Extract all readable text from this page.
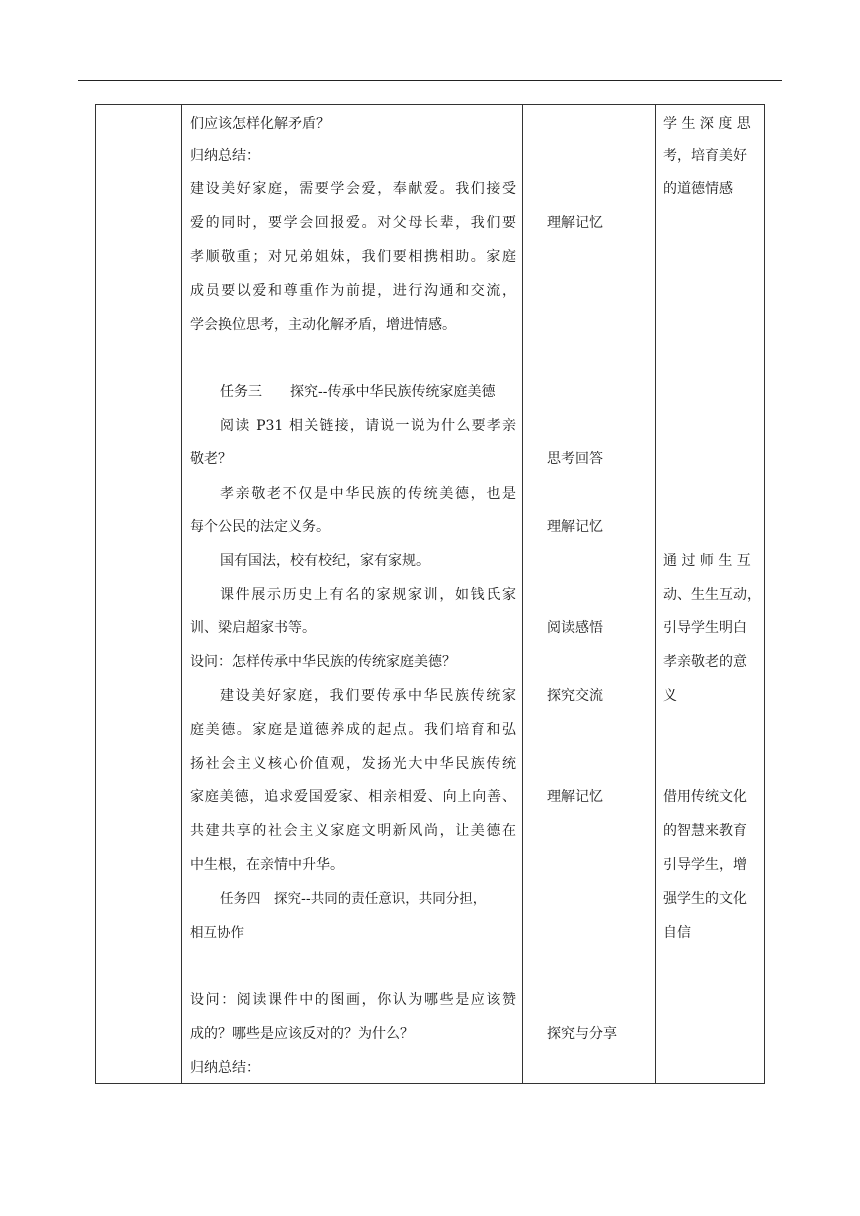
们应该怎样化解矛盾？
归纳总结：
建设美好家庭，需要学会爱，奉献爱。我们接受
爱的同时，要学会回报爱。对父母长辈，我们要
孝顺敬重；对兄弟姐妹，我们要相携相助。家庭
成员要以爱和尊重作为前提，进行沟通和交流，
学会换位思考，主动化解矛盾，增进情感。
任务三　　探究--传承中华民族传统家庭美德
阅读 P31 相关链接，请说一说为什么要孝亲
敬老？
孝亲敬老不仅是中华民族的传统美德，也是
每个公民的法定义务。
国有国法，校有校纪，家有家规。
课件展示历史上有名的家规家训，如钱氏家
训、梁启超家书等。
设问：怎样传承中华民族的传统家庭美德？
建设美好家庭，我们要传承中华民族传统家
庭美德。家庭是道德养成的起点。我们培育和弘
扬社会主义核心价值观，发扬光大中华民族传统
家庭美德，追求爱国爱家、相亲相爱、向上向善、
共建共享的社会主义家庭文明新风尚，让美德在
中生根，在亲情中升华。
任务四　探究--共同的责任意识，共同分担，
相互协作
设问：阅读课件中的图画，你认为哪些是应该赞
成的？哪些是应该反对的？为什么？
归纳总结：
理解记忆
思考回答
理解记忆
阅读感悟
探究交流
理解记忆
探究与分享
学 生 深 度 思
考，培育美好
的道德情感
通 过 师 生 互
动、生生互动，
引导学生明白
孝亲敬老的意
义
借用传统文化
的智慧来教育
引导学生，增
强学生的文化
自信
